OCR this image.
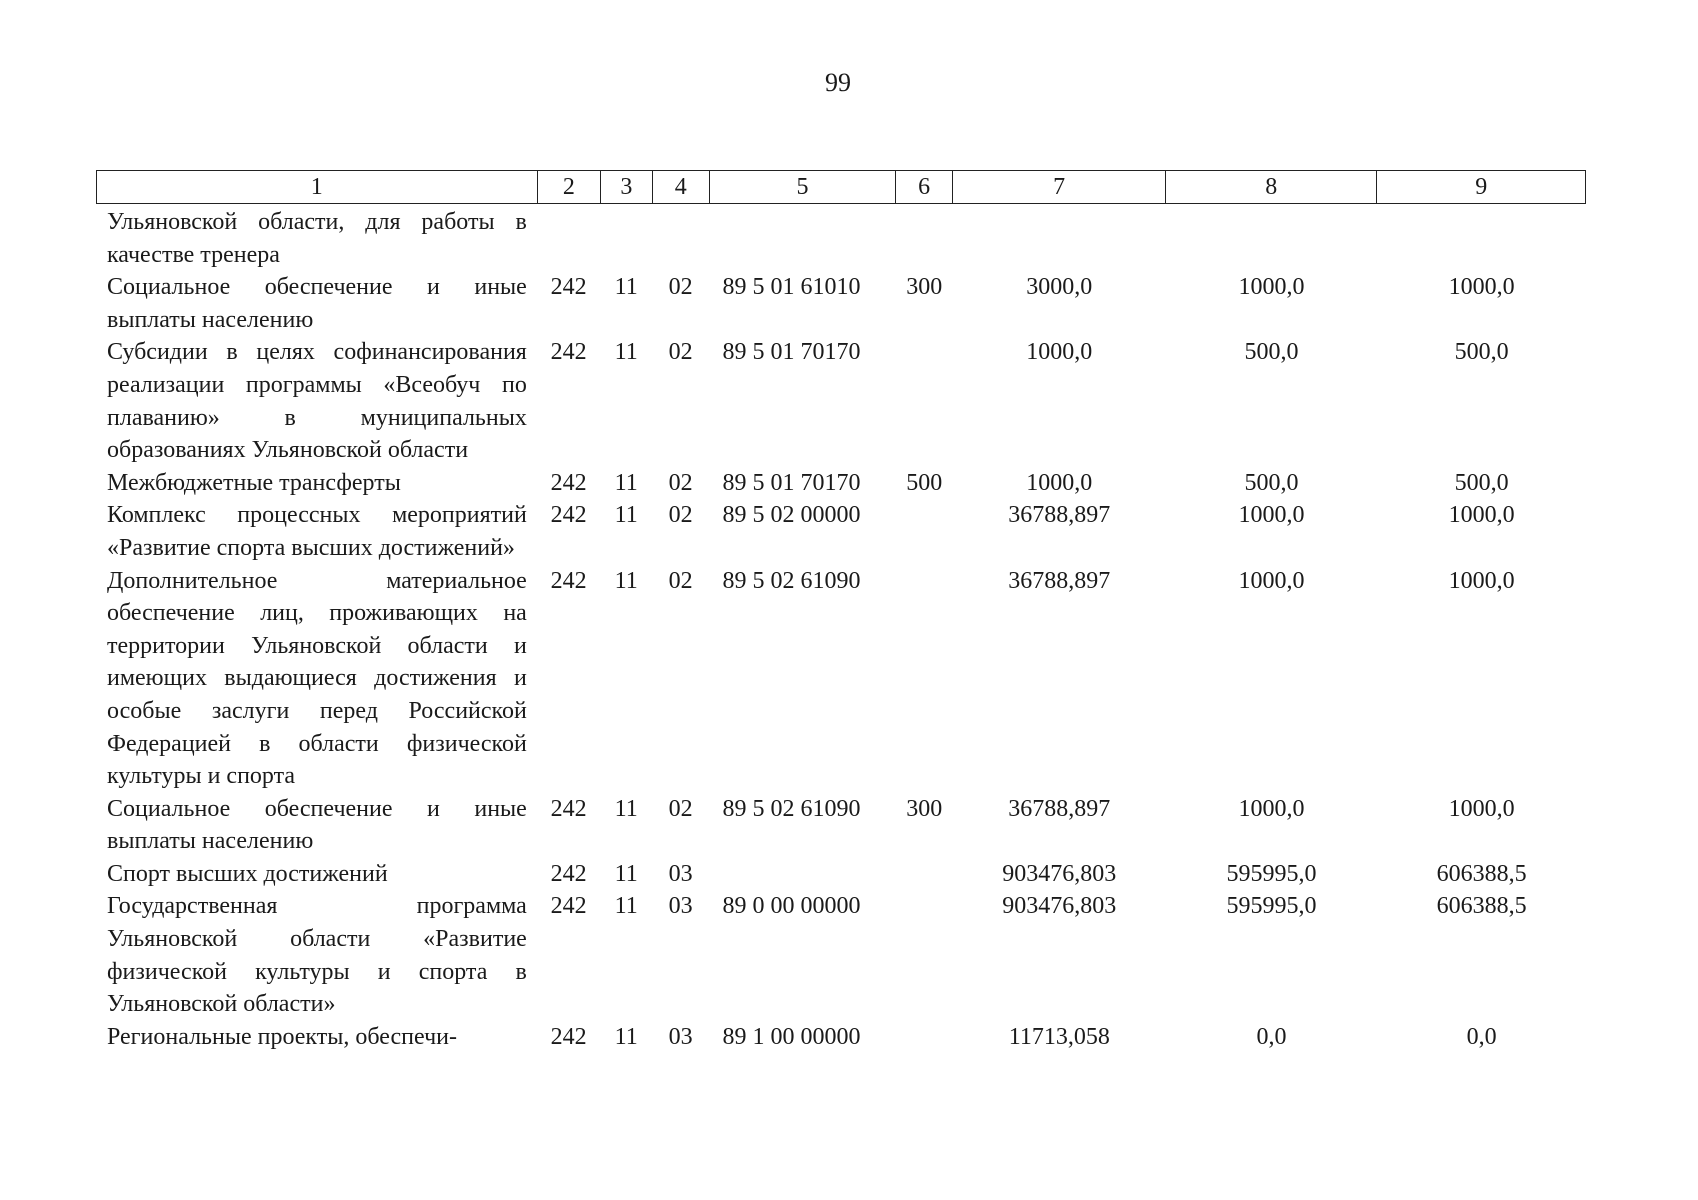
99
1	2	3	4	5	6	7	8	9
Ульяновской области, для работы в качестве тренера								
Социальное обеспечение и иные выплаты населению	242	11	02	89 5 01 61010	300	3000,0	1000,0	1000,0
Субсидии в целях софинансирования реализации программы «Всеобуч по плаванию» в муниципальных образованиях Ульяновской области	242	11	02	89 5 01 70170		1000,0	500,0	500,0
Межбюджетные трансферты	242	11	02	89 5 01 70170	500	1000,0	500,0	500,0
Комплекс процессных мероприятий «Развитие спорта высших достижений»	242	11	02	89 5 02 00000		36788,897	1000,0	1000,0
Дополнительное материальное обеспечение лиц, проживающих на территории Ульяновской области и имеющих выдающиеся достижения и особые заслуги перед Российской Федерацией в области физической культуры и спорта	242	11	02	89 5 02 61090		36788,897	1000,0	1000,0
Социальное обеспечение и иные выплаты населению	242	11	02	89 5 02 61090	300	36788,897	1000,0	1000,0
Спорт высших достижений	242	11	03			903476,803	595995,0	606388,5
Государственная программа Ульяновской области «Развитие физической культуры и спорта в Ульяновской области»	242	11	03	89 0 00 00000		903476,803	595995,0	606388,5
Региональные проекты, обеспечи-	242	11	03	89 1 00 00000		11713,058	0,0	0,0
